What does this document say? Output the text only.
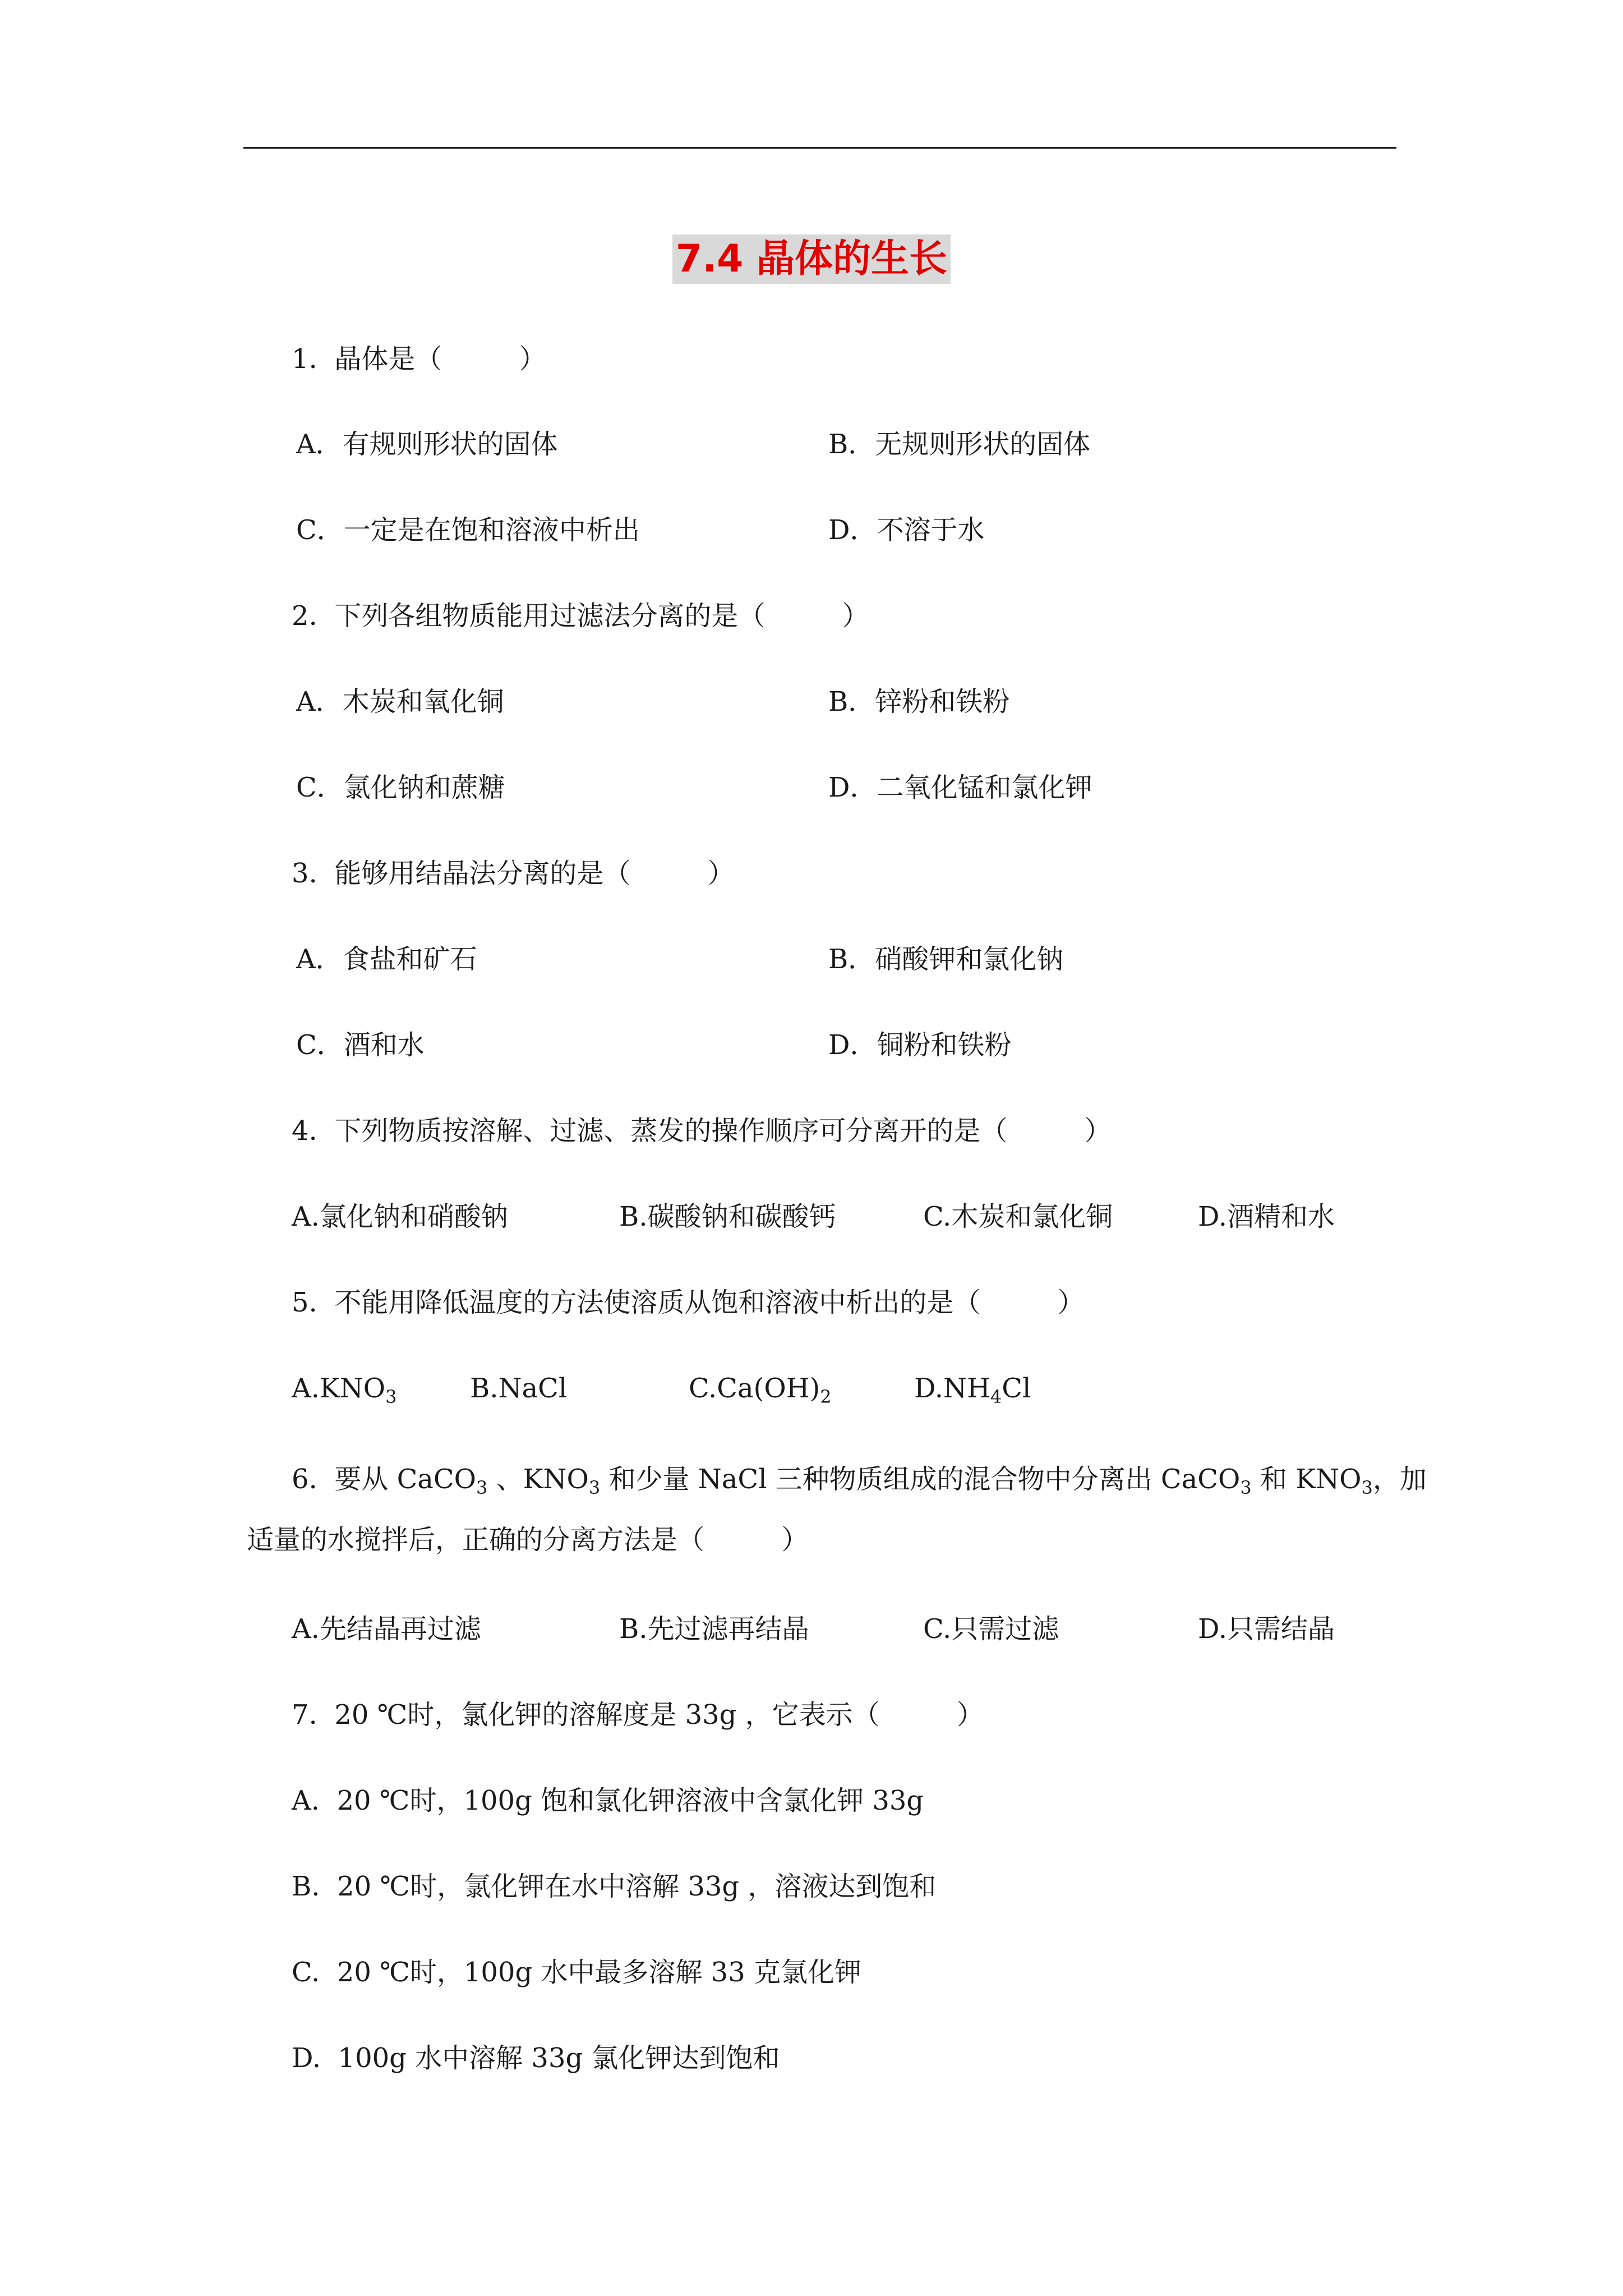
7.4 晶体的生长
1.  晶体是（         ）
A．有规则形状的固体	B．无规则形状的固体
C．一定是在饱和溶液中析出	D．不溶于水
2.  下列各组物质能用过滤法分离的是（         ）
A．木炭和氧化铜	B．锌粉和铁粉
C．氯化钠和蔗糖	D．二氧化锰和氯化钾
3.  能够用结晶法分离的是（         ）
A．食盐和矿石	B．硝酸钾和氯化钠
C．酒和水	D．铜粉和铁粉
4.  下列物质按溶解、过滤、蒸发的操作顺序可分离开的是（         ）
A.氯化钠和硝酸钠	B.碳酸钠和碳酸钙	C.木炭和氯化铜	D.酒精和水
5.  不能用降低温度的方法使溶质从饱和溶液中析出的是（         ）
$A.KNO_3$	B.NaCl	$C.Ca(OH)_2$	$D.NH_4Cl$
6.  要从 CaCO$_3$ 、$KNO_3$ 和少量 NaCl 三种物质组成的混合物中分离出 CaCO$_3$ 和 $KNO_3$，加
适量的水搅拌后，正确的分离方法是（         ）
A.先结晶再过滤	B.先过滤再结晶	C.只需过滤	D.只需结晶
7.  20 ℃时，氯化钾的溶解度是 33g ，它表示（         ）
A.  20 ℃时，100g 饱和氯化钾溶液中含氯化钾 33g
B.  20 ℃时，氯化钾在水中溶解 33g ，溶液达到饱和
C.  20 ℃时，100g 水中最多溶解 33 克氯化钾
D.  100g 水中溶解 33g 氯化钾达到饱和
